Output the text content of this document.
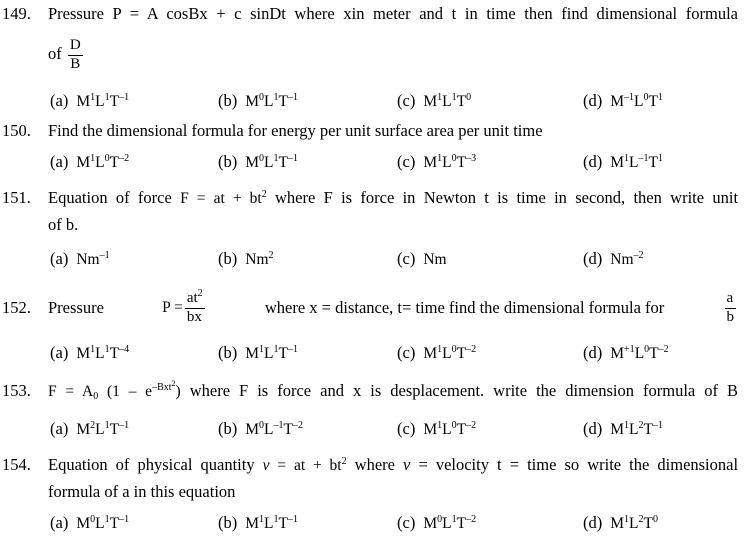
149. Pressure P = A cosBx + c sinDt where xin meter and t in time then find dimensional formula
of $\frac{D}{B}$
(a) $M^1L^1T^{-1}$	(b) $M^0L^1T^{-1}$	(c) $M^1L^1T^0$	(d) $M^{-1}L^0T^1$
150. Find the dimensional formula for energy per unit surface area per unit time
(a) $M^1L^0T^{-2}$	(b) $M^0L^1T^{-1}$	(c) $M^1L^0T^{-3}$	(d) $M^1L^{-1}T^1$
151. Equation of force F = at + $bt^2$ where F is force in Newton t is time in second, then write unit
of b.
(a) $Nm^{-1}$	(b) Nm$^2$	(c) Nm	(d) $Nm^{-2}$
152. Pressure	$P = \frac{at^2}{bx}$	where x = distance, t= time find the dimensional formula for	$\frac{a}{b}$
(a) $M^1L^1T^{-4}$	(b) $M^1L^1T^{-1}$	(c) $M^1L^0T^{-2}$	(d) $M^{+1}L^0T^{-2}$
153. $F = A_0$ $(1 - e^{-Bxt^2})$ where F is force and x is desplacement. write the dimension formula of B
(a) $M^2L^1T^{-1}$	(b) $M^0L^{-1}T^{-2}$	(c) $M^1L^0T^{-2}$	(d) $M^1L^2T^{-1}$
154. Equation of physical quantity v = at + $bt^2$ where v = velocity t = time so write the dimensional
formula of a in this equation
(a) $M^0L^1T^{-1}$	(b) $M^1L^1T^{-1}$	(c) $M^0L^1T^{-2}$	(d) $M^1L^2T^0$
